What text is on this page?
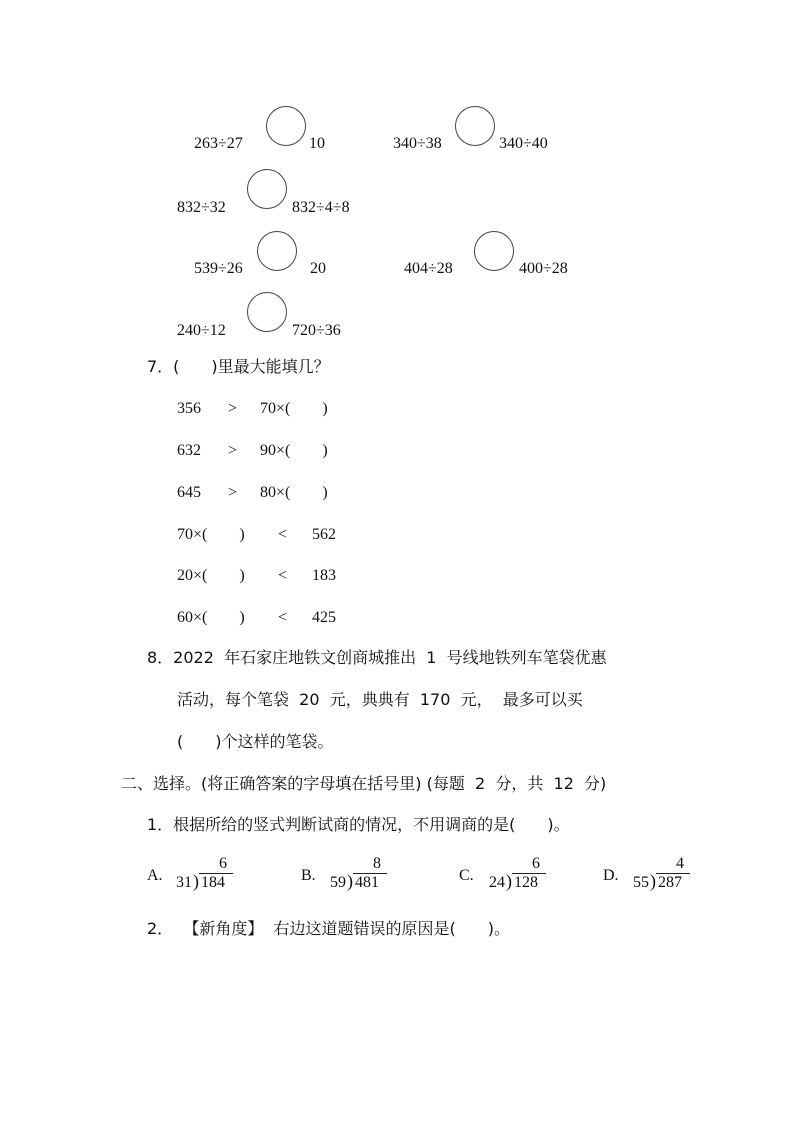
263÷27	10	340÷38	340÷40
832÷32	832÷4÷8
539÷26	20	404÷28	400÷28
240÷12	720÷36
7．(　　)里最大能填几？
356 > 70×(　　)
632 > 90×(　　)
645 > 80×(　　)
70×(　　) < 562
20×(　　) < 183
60×(　　) < 425
8．2022  年石家庄地铁文创商城推出  1  号线地铁列车笔袋优惠
活动，每个笔袋  20  元，典典有  170  元，  最多可以买
(　　)个这样的笔袋。
二、选择。(将正确答案的字母填在括号里) (每题  2  分，共  12  分)
1．根据所给的竖式判断试商的情况，不用调商的是(　　)。
A.
6
31 ) 184	B.
8
59 ) 481	C.
6
24 ) 128	D.
4
55 ) 287
2．  【新角度】  右边这道题错误的原因是(　　)。
